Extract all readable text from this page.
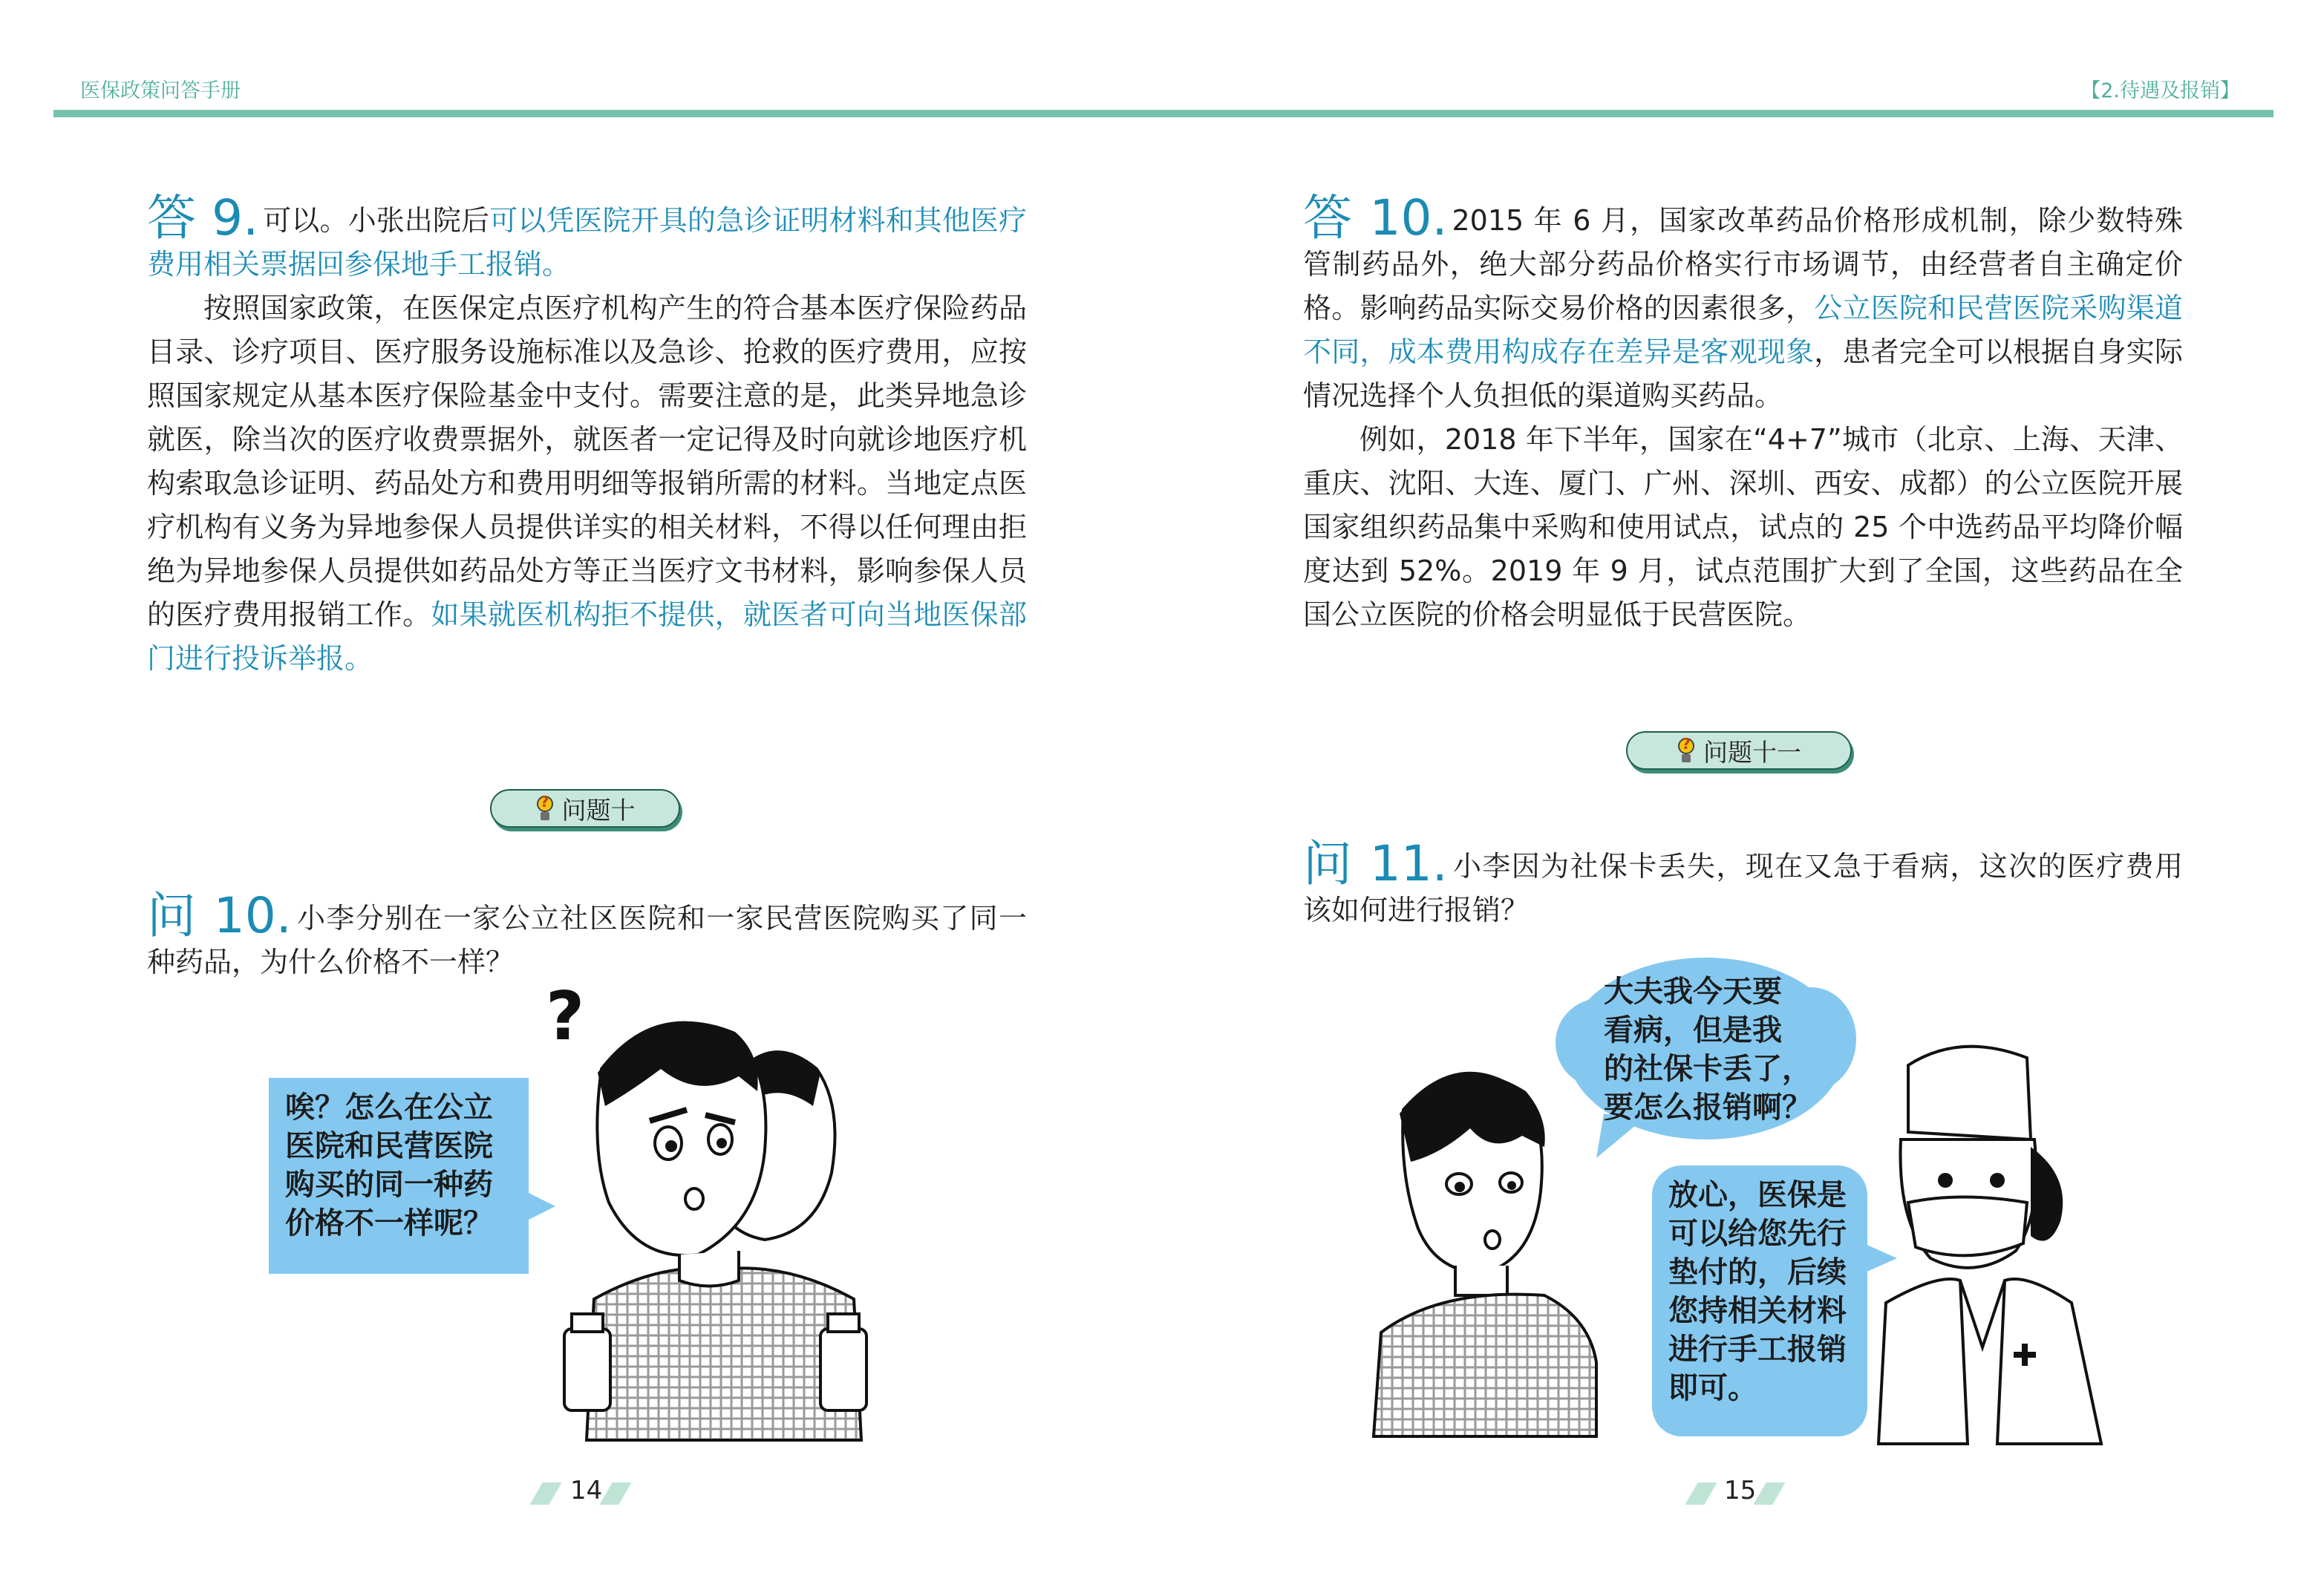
医保政策问答手册	【2.待遇及报销】

答 9. 可以。小张出院后可以凭医院开具的急诊证明材料和其他医疗费用相关票据回参保地手工报销。

按照国家政策，在医保定点医疗机构产生的符合基本医疗保险药品目录、诊疗项目、医疗服务设施标准以及急诊、抢救的医疗费用，应按照国家规定从基本医疗保险基金中支付。需要注意的是，此类异地急诊就医，除当次的医疗收费票据外，就医者一定记得及时向就诊地医疗机构索取急诊证明、药品处方和费用明细等报销所需的材料。当地定点医疗机构有义务为异地参保人员提供详实的相关材料，不得以任何理由拒绝为异地参保人员提供如药品处方等正当医疗文书材料，影响参保人员的医疗费用报销工作。如果就医机构拒不提供，就医者可向当地医保部门进行投诉举报。

? 问题十

问 10. 小李分别在一家公立社区医院和一家民营医院购买了同一种药品，为什么价格不一样？

?
唉？怎么在公立
医院和民营医院
购买的同一种药
价格不一样呢？
14

答 10. 2015 年 6 月，国家改革药品价格形成机制，除少数特殊管制药品外，绝大部分药品价格实行市场调节，由经营者自主确定价格。影响药品实际交易价格的因素很多，公立医院和民营医院采购渠道不同，成本费用构成存在差异是客观现象，患者完全可以根据自身实际情况选择个人负担低的渠道购买药品。

例如，2018 年下半年，国家在“4+7”城市（北京、上海、天津、重庆、沈阳、大连、厦门、广州、深圳、西安、成都）的公立医院开展国家组织药品集中采购和使用试点，试点的 25 个中选药品平均降价幅度达到 52%。2019 年 9 月，试点范围扩大到了全国，这些药品在全国公立医院的价格会明显低于民营医院。

? 问题十一

问 11. 小李因为社保卡丢失，现在又急于看病，这次的医疗费用该如何进行报销？

大夫我今天要
看病，但是我
的社保卡丢了，
要怎么报销啊？
放心，医保是
可以给您先行
垫付的，后续
您持相关材料
进行手工报销
即可。
15
